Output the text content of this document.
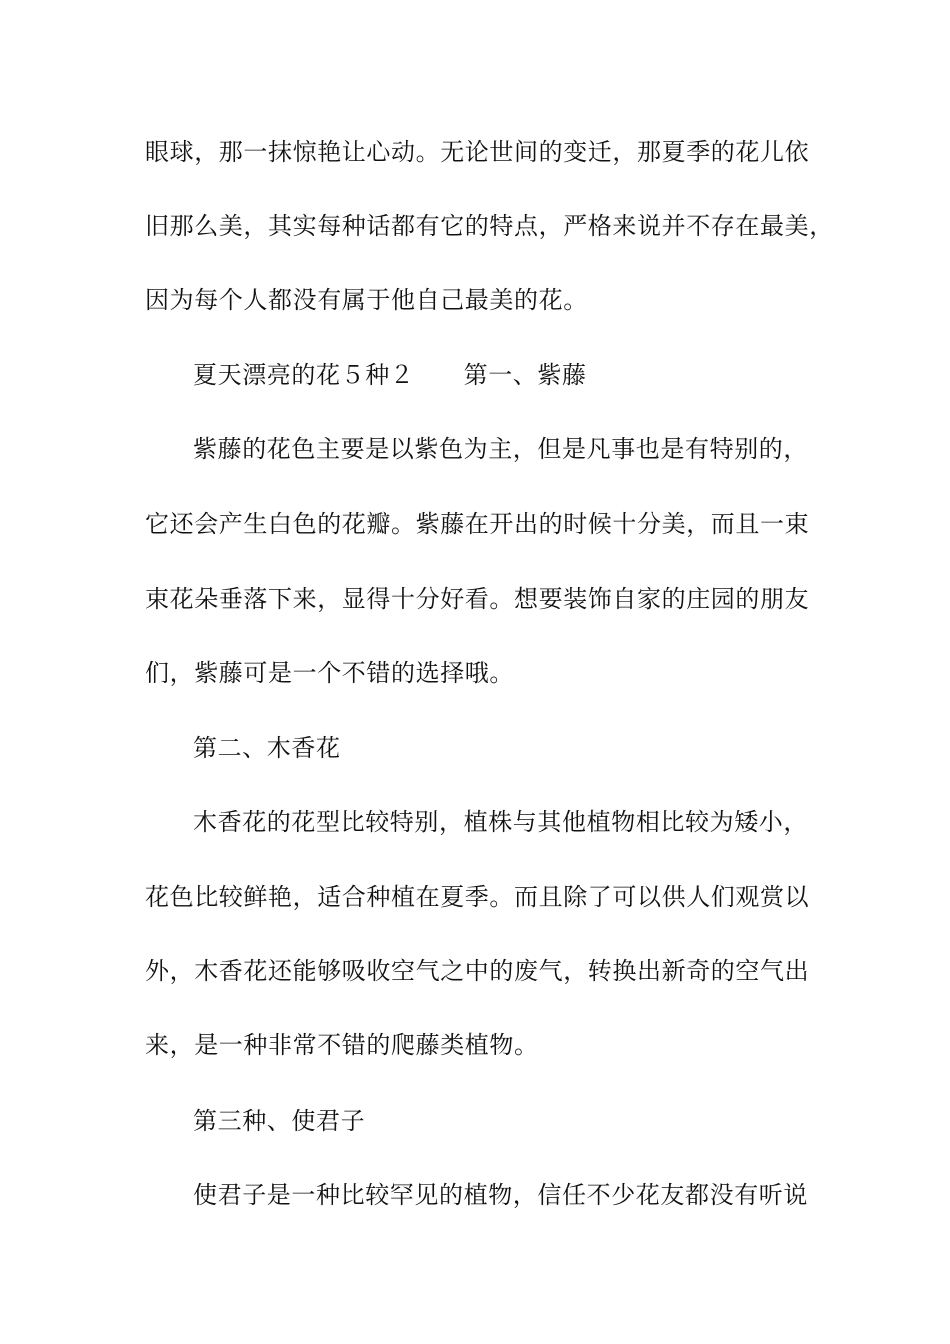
眼球，那一抹惊艳让心动。无论世间的变迁，那夏季的花儿依
旧那么美，其实每种话都有它的特点，严格来说并不存在最美，
因为每个人都没有属于他自己最美的花。
夏天漂亮的花５种２　　第一、紫藤
紫藤的花色主要是以紫色为主，但是凡事也是有特别的，
它还会产生白色的花瓣。紫藤在开出的时候十分美，而且一束
束花朵垂落下来，显得十分好看。想要装饰自家的庄园的朋友
们，紫藤可是一个不错的选择哦。
第二、木香花
木香花的花型比较特别，植株与其他植物相比较为矮小，
花色比较鲜艳，适合种植在夏季。而且除了可以供人们观赏以
外，木香花还能够吸收空气之中的废气，转换出新奇的空气出
来，是一种非常不错的爬藤类植物。
第三种、使君子
使君子是一种比较罕见的植物，信任不少花友都没有听说
